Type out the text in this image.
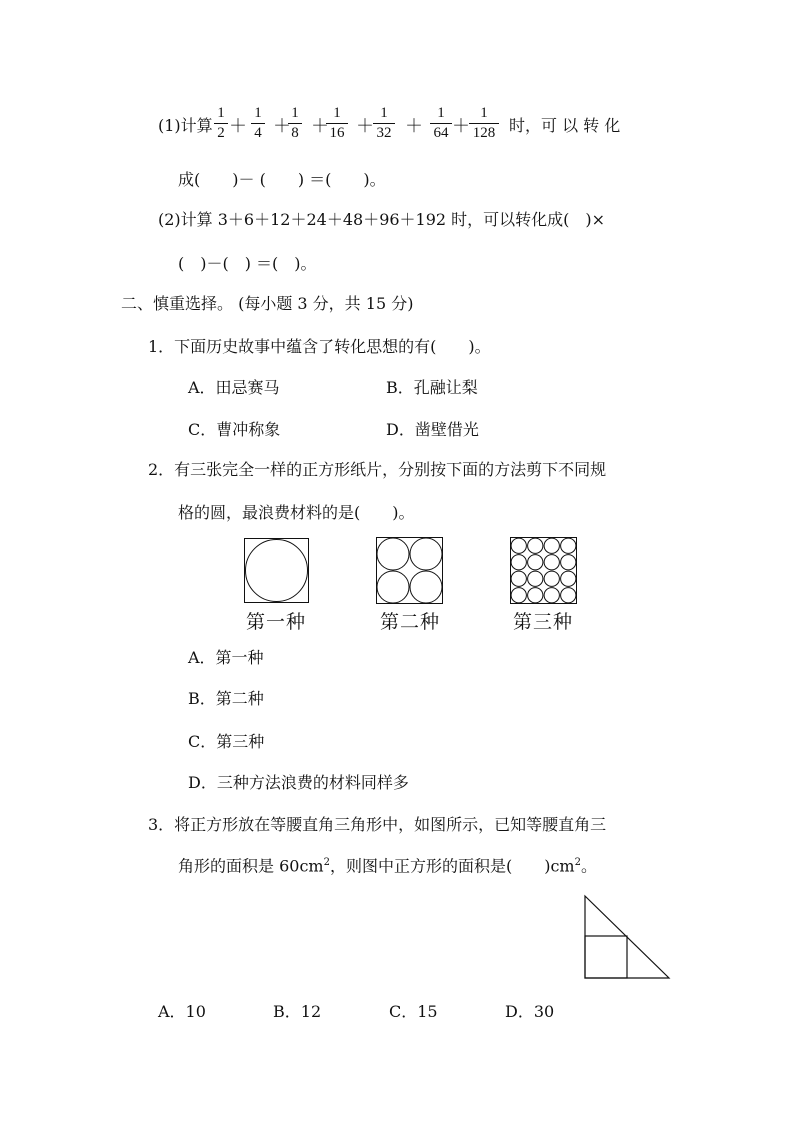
(1)计算
1
2 ＋
1
4 ＋
1
8 ＋
1
16 ＋
1
32 ＋
1
64 ＋
1
128 时，可 以 转 化
成(　　)－ (　　) ＝(　　)。
(2)计算 3＋6＋12＋24＋48＋96＋192 时，可以转化成(　)×
(　)－(　) ＝(　)。
二、慎重选择。 (每小题 3 分，共 15 分)
1．下面历史故事中蕴含了转化思想的有(　　)。
A．田忌赛马	B．孔融让梨
C．曹冲称象	D．凿壁借光
2．有三张完全一样的正方形纸片，分别按下面的方法剪下不同规
格的圆，最浪费材料的是(　　)。
第一种	第二种	第三种
A．第一种
B．第二种
C．第三种
D．三种方法浪费的材料同样多
3．将正方形放在等腰直角三角形中，如图所示，已知等腰直角三
角形的面积是 $60cm^2$，则图中正方形的面积是(　　)$cm^2$。
A．10	B．12	C．15	D．30
